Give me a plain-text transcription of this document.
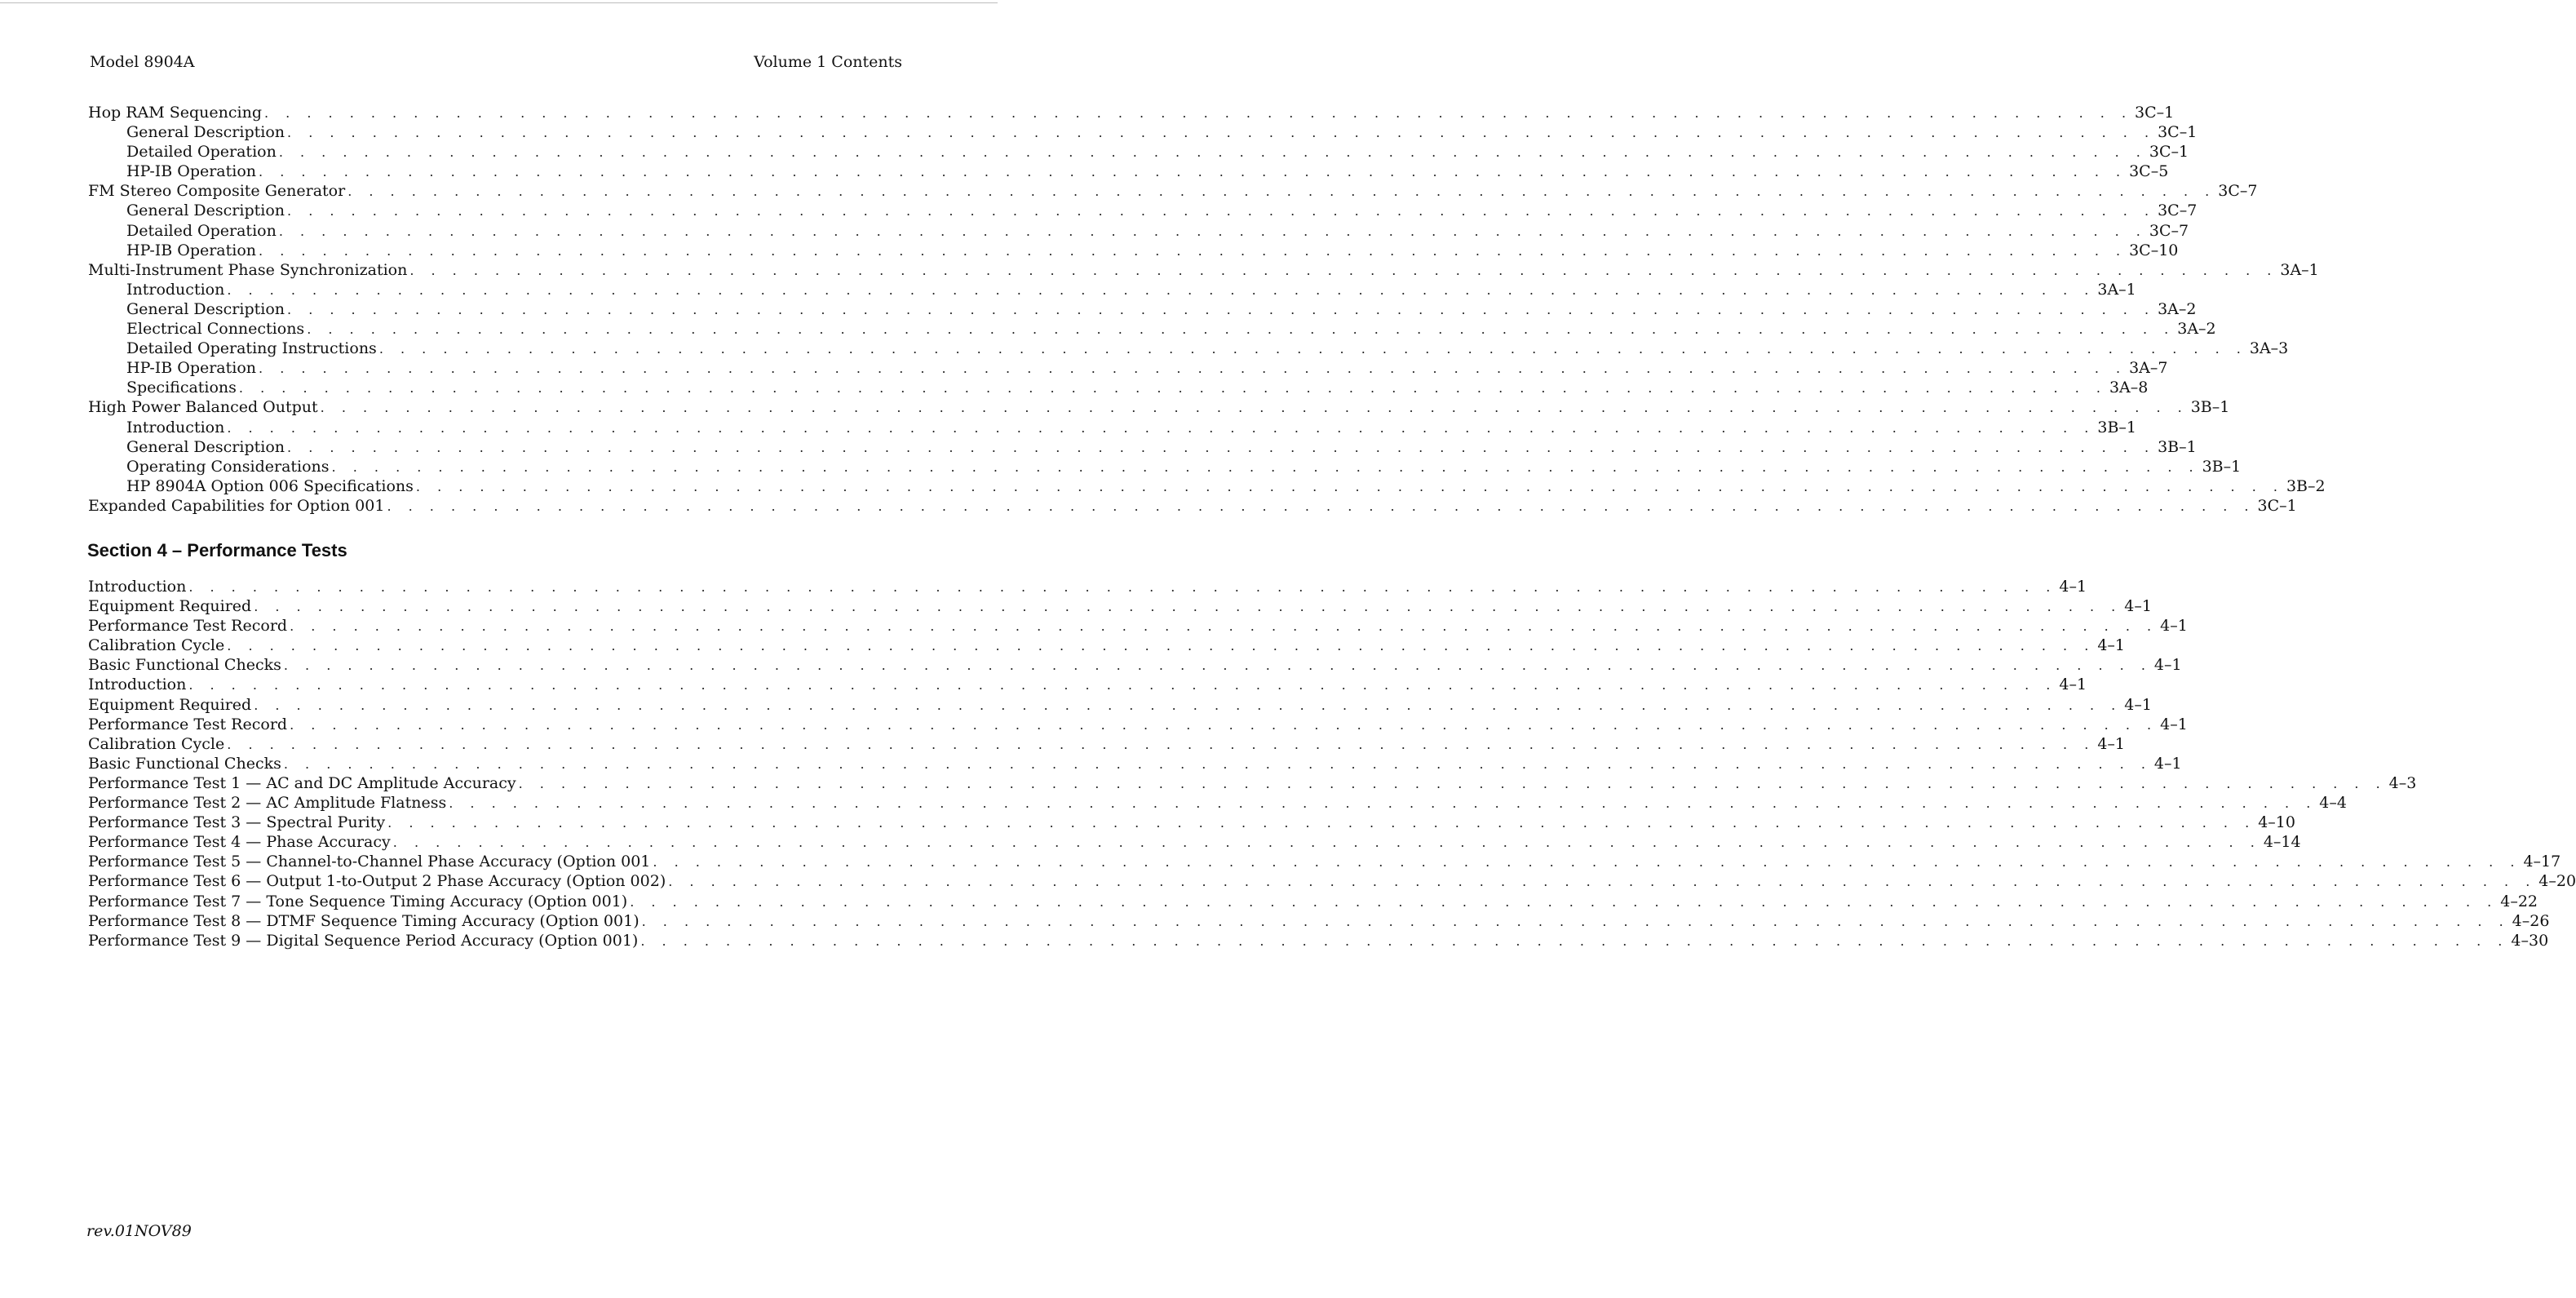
Model 8904A	Volume 1 Contents
Hop RAM Sequencing . . . . . . . . . . . . . . . . . . . . . . . . . . . . . . . . . . . . . . . . . . . . . . . . . . . . . . . . . . . . . . . . . . . . . . . . . . . . . . . . . . . . . . . . 3C–1
General Description . . . . . . . . . . . . . . . . . . . . . . . . . . . . . . . . . . . . . . . . . . . . . . . . . . . . . . . . . . . . . . . . . . . . . . . . . . . . . . . . . . . . . . . . 3C–1
Detailed Operation . . . . . . . . . . . . . . . . . . . . . . . . . . . . . . . . . . . . . . . . . . . . . . . . . . . . . . . . . . . . . . . . . . . . . . . . . . . . . . . . . . . . . . . . 3C–1
HP-IB Operation . . . . . . . . . . . . . . . . . . . . . . . . . . . . . . . . . . . . . . . . . . . . . . . . . . . . . . . . . . . . . . . . . . . . . . . . . . . . . . . . . . . . . . . . 3C–5
FM Stereo Composite Generator . . . . . . . . . . . . . . . . . . . . . . . . . . . . . . . . . . . . . . . . . . . . . . . . . . . . . . . . . . . . . . . . . . . . . . . . . . . . . . . . . . . . . . . . 3C–7
General Description . . . . . . . . . . . . . . . . . . . . . . . . . . . . . . . . . . . . . . . . . . . . . . . . . . . . . . . . . . . . . . . . . . . . . . . . . . . . . . . . . . . . . . . . 3C–7
Detailed Operation . . . . . . . . . . . . . . . . . . . . . . . . . . . . . . . . . . . . . . . . . . . . . . . . . . . . . . . . . . . . . . . . . . . . . . . . . . . . . . . . . . . . . . . . 3C–7
HP-IB Operation . . . . . . . . . . . . . . . . . . . . . . . . . . . . . . . . . . . . . . . . . . . . . . . . . . . . . . . . . . . . . . . . . . . . . . . . . . . . . . . . . . . . . . . . 3C–10
Multi-Instrument Phase Synchronization . . . . . . . . . . . . . . . . . . . . . . . . . . . . . . . . . . . . . . . . . . . . . . . . . . . . . . . . . . . . . . . . . . . . . . . . . . . . . . . . . . . . . . . . 3A–1
Introduction . . . . . . . . . . . . . . . . . . . . . . . . . . . . . . . . . . . . . . . . . . . . . . . . . . . . . . . . . . . . . . . . . . . . . . . . . . . . . . . . . . . . . . . . 3A–1
General Description . . . . . . . . . . . . . . . . . . . . . . . . . . . . . . . . . . . . . . . . . . . . . . . . . . . . . . . . . . . . . . . . . . . . . . . . . . . . . . . . . . . . . . . . 3A–2
Electrical Connections . . . . . . . . . . . . . . . . . . . . . . . . . . . . . . . . . . . . . . . . . . . . . . . . . . . . . . . . . . . . . . . . . . . . . . . . . . . . . . . . . . . . . . . . 3A–2
Detailed Operating Instructions . . . . . . . . . . . . . . . . . . . . . . . . . . . . . . . . . . . . . . . . . . . . . . . . . . . . . . . . . . . . . . . . . . . . . . . . . . . . . . . . . . . . . . . . 3A–3
HP-IB Operation . . . . . . . . . . . . . . . . . . . . . . . . . . . . . . . . . . . . . . . . . . . . . . . . . . . . . . . . . . . . . . . . . . . . . . . . . . . . . . . . . . . . . . . . 3A–7
Specifications . . . . . . . . . . . . . . . . . . . . . . . . . . . . . . . . . . . . . . . . . . . . . . . . . . . . . . . . . . . . . . . . . . . . . . . . . . . . . . . . . . . . . . . . 3A–8
High Power Balanced Output . . . . . . . . . . . . . . . . . . . . . . . . . . . . . . . . . . . . . . . . . . . . . . . . . . . . . . . . . . . . . . . . . . . . . . . . . . . . . . . . . . . . . . . . 3B–1
Introduction . . . . . . . . . . . . . . . . . . . . . . . . . . . . . . . . . . . . . . . . . . . . . . . . . . . . . . . . . . . . . . . . . . . . . . . . . . . . . . . . . . . . . . . . 3B–1
General Description . . . . . . . . . . . . . . . . . . . . . . . . . . . . . . . . . . . . . . . . . . . . . . . . . . . . . . . . . . . . . . . . . . . . . . . . . . . . . . . . . . . . . . . . 3B–1
Operating Considerations . . . . . . . . . . . . . . . . . . . . . . . . . . . . . . . . . . . . . . . . . . . . . . . . . . . . . . . . . . . . . . . . . . . . . . . . . . . . . . . . . . . . . . . . 3B–1
HP 8904A Option 006 Specifications . . . . . . . . . . . . . . . . . . . . . . . . . . . . . . . . . . . . . . . . . . . . . . . . . . . . . . . . . . . . . . . . . . . . . . . . . . . . . . . . . . . . . . . . 3B–2
Expanded Capabilities for Option 001 . . . . . . . . . . . . . . . . . . . . . . . . . . . . . . . . . . . . . . . . . . . . . . . . . . . . . . . . . . . . . . . . . . . . . . . . . . . . . . . . . . . . . . . . 3C–1
Section 4 – Performance Tests
Introduction . . . . . . . . . . . . . . . . . . . . . . . . . . . . . . . . . . . . . . . . . . . . . . . . . . . . . . . . . . . . . . . . . . . . . . . . . . . . . . . . . . . . . . . . 4–1
Equipment Required . . . . . . . . . . . . . . . . . . . . . . . . . . . . . . . . . . . . . . . . . . . . . . . . . . . . . . . . . . . . . . . . . . . . . . . . . . . . . . . . . . . . . . . . 4–1
Performance Test Record . . . . . . . . . . . . . . . . . . . . . . . . . . . . . . . . . . . . . . . . . . . . . . . . . . . . . . . . . . . . . . . . . . . . . . . . . . . . . . . . . . . . . . . . 4–1
Calibration Cycle . . . . . . . . . . . . . . . . . . . . . . . . . . . . . . . . . . . . . . . . . . . . . . . . . . . . . . . . . . . . . . . . . . . . . . . . . . . . . . . . . . . . . . . . 4–1
Basic Functional Checks . . . . . . . . . . . . . . . . . . . . . . . . . . . . . . . . . . . . . . . . . . . . . . . . . . . . . . . . . . . . . . . . . . . . . . . . . . . . . . . . . . . . . . . . 4–1
Introduction . . . . . . . . . . . . . . . . . . . . . . . . . . . . . . . . . . . . . . . . . . . . . . . . . . . . . . . . . . . . . . . . . . . . . . . . . . . . . . . . . . . . . . . . 4–1
Equipment Required . . . . . . . . . . . . . . . . . . . . . . . . . . . . . . . . . . . . . . . . . . . . . . . . . . . . . . . . . . . . . . . . . . . . . . . . . . . . . . . . . . . . . . . . 4–1
Performance Test Record . . . . . . . . . . . . . . . . . . . . . . . . . . . . . . . . . . . . . . . . . . . . . . . . . . . . . . . . . . . . . . . . . . . . . . . . . . . . . . . . . . . . . . . . 4–1
Calibration Cycle . . . . . . . . . . . . . . . . . . . . . . . . . . . . . . . . . . . . . . . . . . . . . . . . . . . . . . . . . . . . . . . . . . . . . . . . . . . . . . . . . . . . . . . . 4–1
Basic Functional Checks . . . . . . . . . . . . . . . . . . . . . . . . . . . . . . . . . . . . . . . . . . . . . . . . . . . . . . . . . . . . . . . . . . . . . . . . . . . . . . . . . . . . . . . . 4–1
Performance Test 1 — AC and DC Amplitude Accuracy . . . . . . . . . . . . . . . . . . . . . . . . . . . . . . . . . . . . . . . . . . . . . . . . . . . . . . . . . . . . . . . . . . . . . . . . . . . . . . . . . . . . . . . . 4–3
Performance Test 2 — AC Amplitude Flatness . . . . . . . . . . . . . . . . . . . . . . . . . . . . . . . . . . . . . . . . . . . . . . . . . . . . . . . . . . . . . . . . . . . . . . . . . . . . . . . . . . . . . . . . 4–4
Performance Test 3 — Spectral Purity . . . . . . . . . . . . . . . . . . . . . . . . . . . . . . . . . . . . . . . . . . . . . . . . . . . . . . . . . . . . . . . . . . . . . . . . . . . . . . . . . . . . . . . . 4–10
Performance Test 4 — Phase Accuracy . . . . . . . . . . . . . . . . . . . . . . . . . . . . . . . . . . . . . . . . . . . . . . . . . . . . . . . . . . . . . . . . . . . . . . . . . . . . . . . . . . . . . . . . 4–14
Performance Test 5 — Channel-to-Channel Phase Accuracy (Option 001 . . . . . . . . . . . . . . . . . . . . . . . . . . . . . . . . . . . . . . . . . . . . . . . . . . . . . . . . . . . . . . . . . . . . . . . . . . . . . . . . . . . . . . . . 4–17
Performance Test 6 — Output 1-to-Output 2 Phase Accuracy (Option 002) . . . . . . . . . . . . . . . . . . . . . . . . . . . . . . . . . . . . . . . . . . . . . . . . . . . . . . . . . . . . . . . . . . . . . . . . . . . . . . . . . . . . . . . . 4–20
Performance Test 7 — Tone Sequence Timing Accuracy (Option 001) . . . . . . . . . . . . . . . . . . . . . . . . . . . . . . . . . . . . . . . . . . . . . . . . . . . . . . . . . . . . . . . . . . . . . . . . . . . . . . . . . . . . . . . . 4–22
Performance Test 8 — DTMF Sequence Timing Accuracy (Option 001) . . . . . . . . . . . . . . . . . . . . . . . . . . . . . . . . . . . . . . . . . . . . . . . . . . . . . . . . . . . . . . . . . . . . . . . . . . . . . . . . . . . . . . . . 4–26
Performance Test 9 — Digital Sequence Period Accuracy (Option 001) . . . . . . . . . . . . . . . . . . . . . . . . . . . . . . . . . . . . . . . . . . . . . . . . . . . . . . . . . . . . . . . . . . . . . . . . . . . . . . . . . . . . . . . . 4–30
rev.01NOV89
